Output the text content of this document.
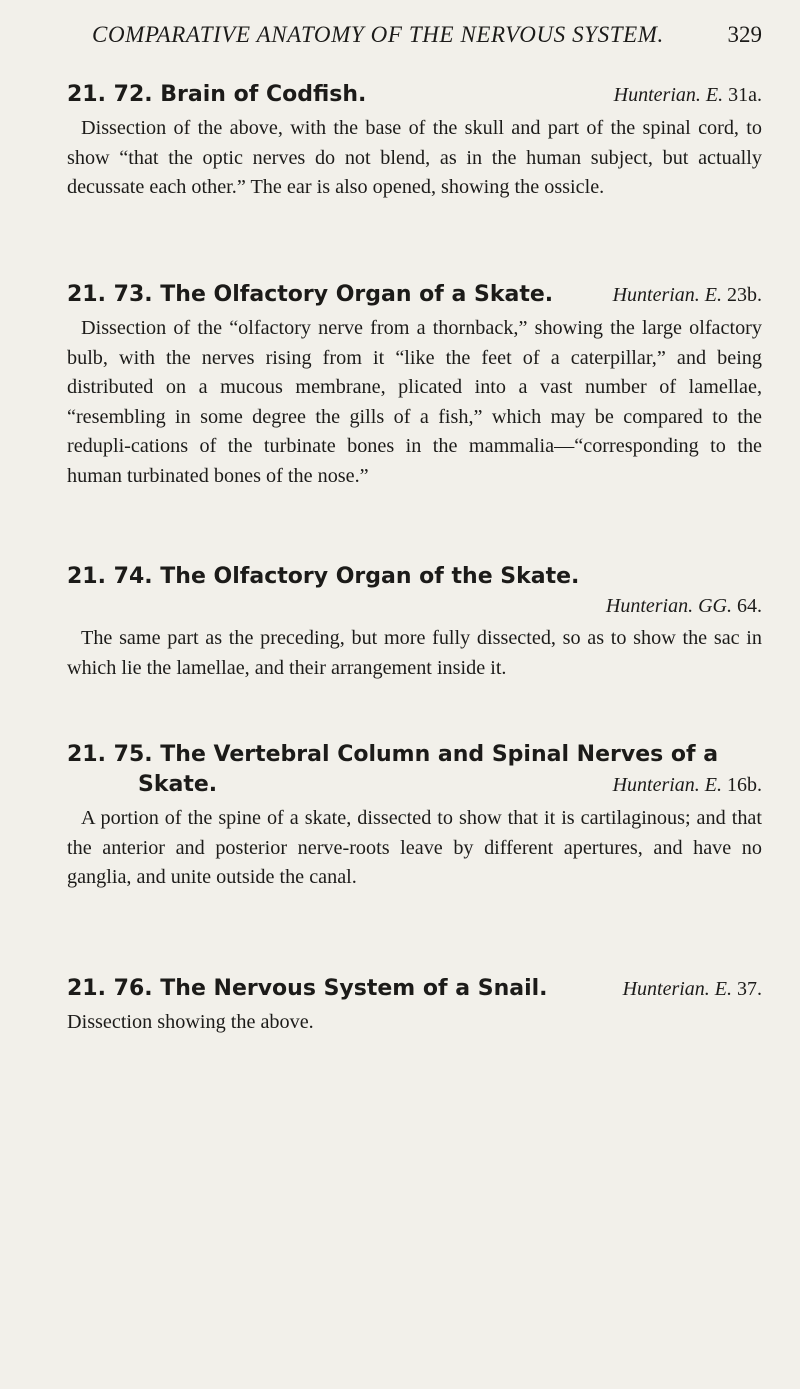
COMPARATIVE ANATOMY OF THE NERVOUS SYSTEM.	329
21. 72. Brain of Codfish.	Hunterian. E. 31a.
Dissection of the above, with the base of the skull and part of the spinal cord, to show “that the optic nerves do not blend, as in the human subject, but actually decussate each other.” The ear is also opened, showing the ossicle.
21. 73. The Olfactory Organ of a Skate.	Hunterian. E. 23b.
Dissection of the “olfactory nerve from a thornback,” showing the large olfactory bulb, with the nerves rising from it “like the feet of a caterpillar,” and being distributed on a mucous membrane, plicated into a vast number of lamellae, “resembling in some degree the gills of a fish,” which may be compared to the redupli-cations of the turbinate bones in the mammalia—“corresponding to the human turbinated bones of the nose.”
21. 74. The Olfactory Organ of the Skate.
Hunterian. GG. 64.
The same part as the preceding, but more fully dissected, so as to show the sac in which lie the lamellae, and their arrangement inside it.
21. 75. The Vertebral Column and Spinal Nerves of a
Skate.	Hunterian. E. 16b.
A portion of the spine of a skate, dissected to show that it is cartilaginous; and that the anterior and posterior nerve-roots leave by different apertures, and have no ganglia, and unite outside the canal.
21. 76. The Nervous System of a Snail.	Hunterian. E. 37.
Dissection showing the above.
